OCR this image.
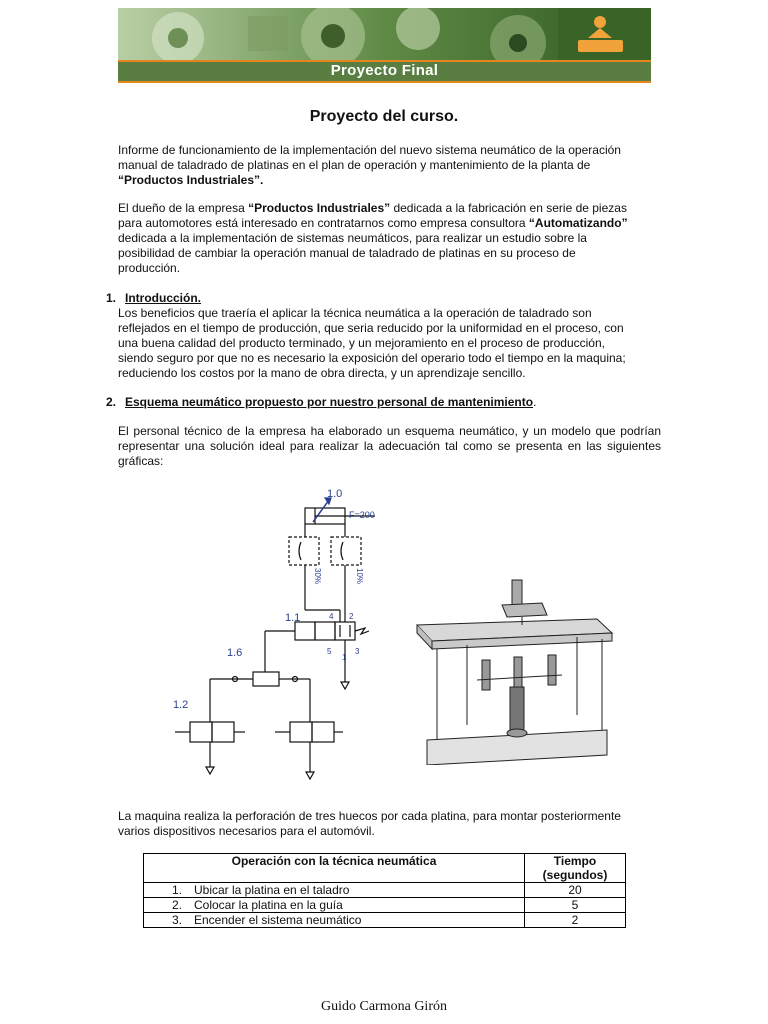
Proyecto Final
Proyecto del curso.
Informe de funcionamiento de la implementación del nuevo sistema neumático de la operación
manual de taladrado de platinas en el plan de operación y mantenimiento de la planta de
“Productos Industriales”.
El dueño de la empresa “Productos Industriales” dedicada a la fabricación en serie de piezas
para automotores está interesado en contratarnos como empresa consultora “Automatizando”
dedicada a la implementación de sistemas neumáticos, para realizar un estudio sobre la
posibilidad de cambiar la operación manual de taladrado de platinas en su proceso de
producción.
1. Introducción.
Los beneficios que traería el aplicar la técnica neumática a la operación de taladrado son
reflejados en el tiempo de producción, que seria reducido por la uniformidad en el proceso, con
una buena calidad del producto terminado, y un mejoramiento en el proceso de producción,
siendo seguro por que no es necesario la exposición del operario todo el tiempo en la maquina;
reduciendo los costos por la mano de obra directa, y un aprendizaje sencillo.
2. Esquema neumático propuesto por nuestro personal de mantenimiento.
El personal técnico de la empresa ha elaborado un esquema neumático, y un modelo que podrían representar una solución ideal para realizar la adecuación tal como se presenta en las siguientes gráficas:
1.0
F=200
1.1
1.6
1.2
30%	10%
4 2
5
1
3
La maquina realiza la perforación de tres huecos por cada platina, para montar posteriormente
varios dispositivos necesarios para el automóvil.
Operación con la técnica neumática	Tiempo
(segundos)

1. Ubicar la platina en el taladro	20
2. Colocar la platina en la guía	5
3. Encender el sistema neumático	2
Guido Carmona Girón
